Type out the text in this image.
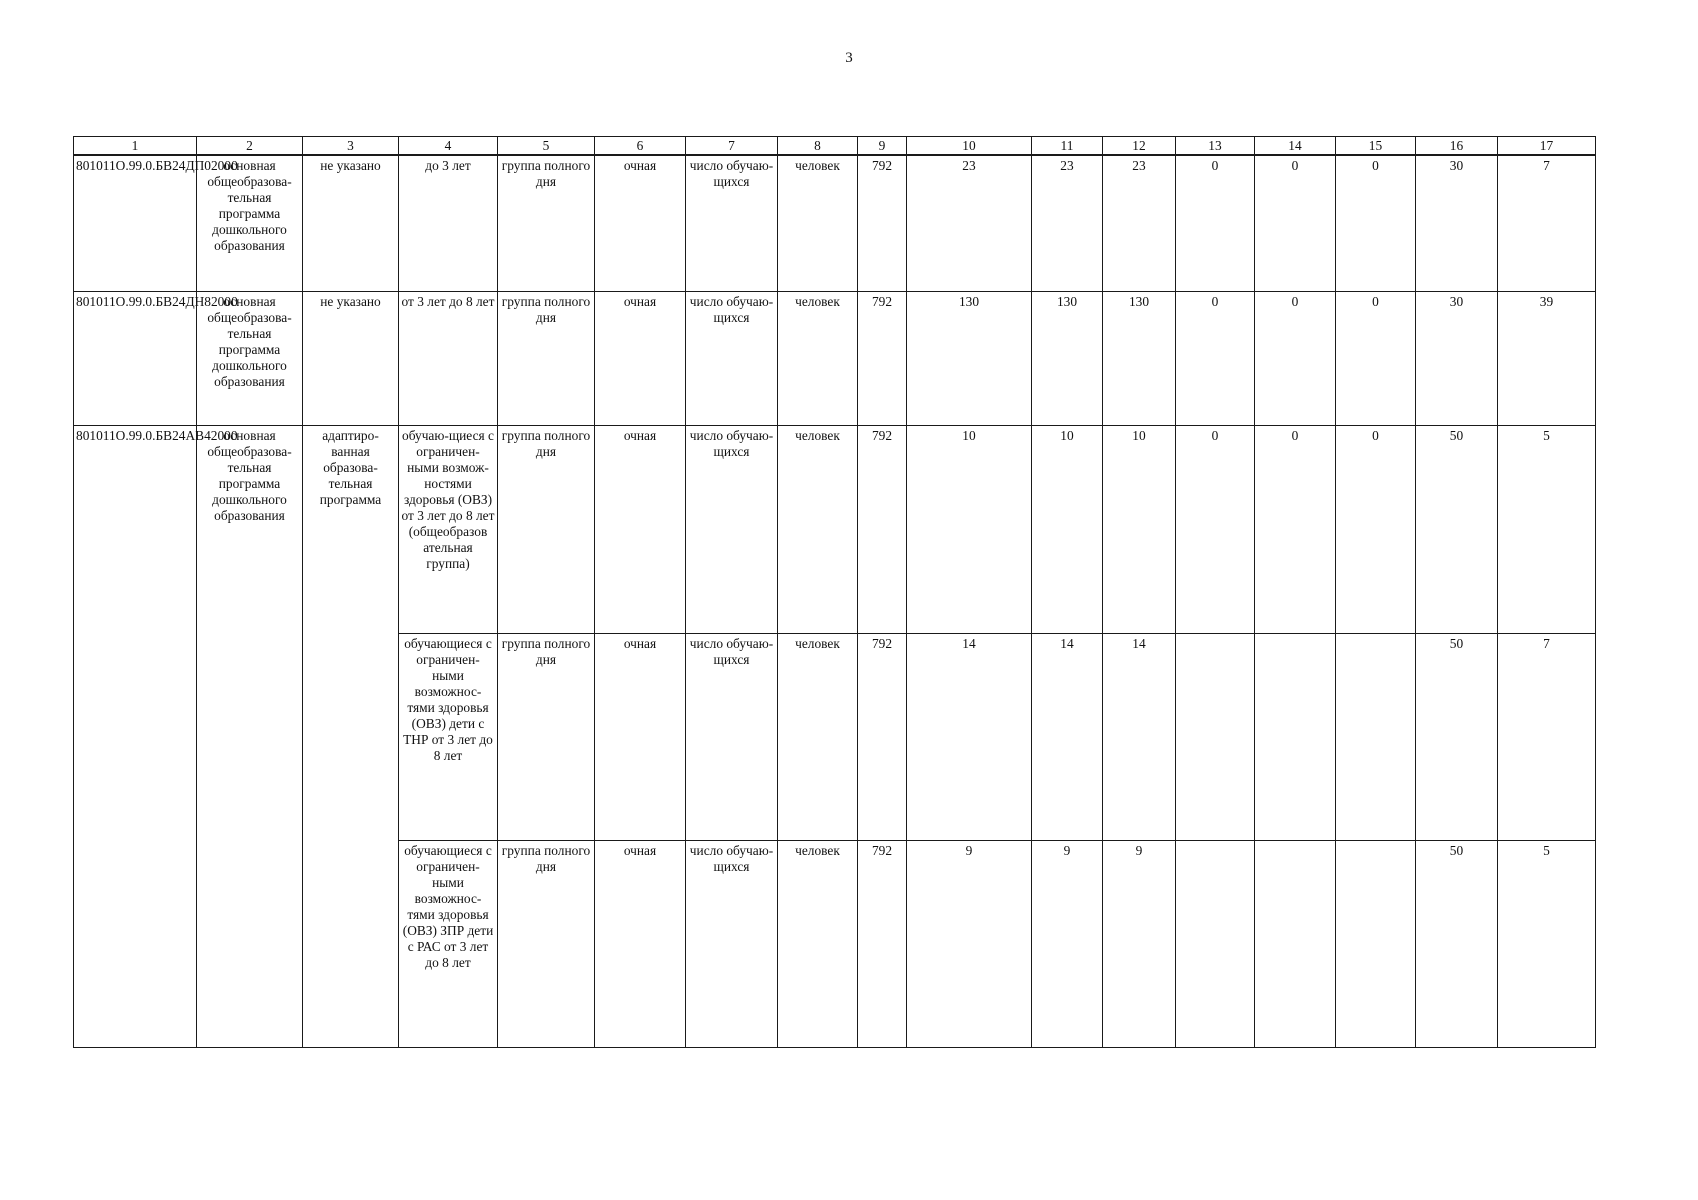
3
1	2	3	4	5	6	7	8	9	10	11	12	13	14	15	16	17
801011О.99.0.БВ24ДП02000	основная общеобразова-тельная программа дошкольного образования	не указано	до 3 лет	группа полного дня	очная	число обучаю-щихся	человек	792	23	23	23	0	0	0	30	7
801011О.99.0.БВ24ДН82000	основная общеобразова-тельная программа дошкольного образования	не указано	от 3 лет до 8 лет	группа полного дня	очная	число обучаю-щихся	человек	792	130	130	130	0	0	0	30	39
801011О.99.0.БВ24АВ42000	основная общеобразова-тельная программа дошкольного образования	адаптиро-ванная образова-тельная программа	обучаю-щиеся с ограничен-ными возмож-ностями здоровья (ОВЗ) от 3 лет до 8 лет (общеобразов ательная группа)	группа полного дня	очная	число обучаю-щихся	человек	792	10	10	10	0	0	0	50	5
			обучающиеся с ограничен-ными возможнос-тями здоровья (ОВЗ) дети с ТНР от 3 лет до 8 лет	группа полного дня	очная	число обучаю-щихся	человек	792	14	14	14				50	7
			обучающиеся с ограничен-ными возможнос-тями здоровья (ОВЗ) ЗПР дети с РАС от 3 лет до 8 лет	группа полного дня	очная	число обучаю-щихся	человек	792	9	9	9				50	5
